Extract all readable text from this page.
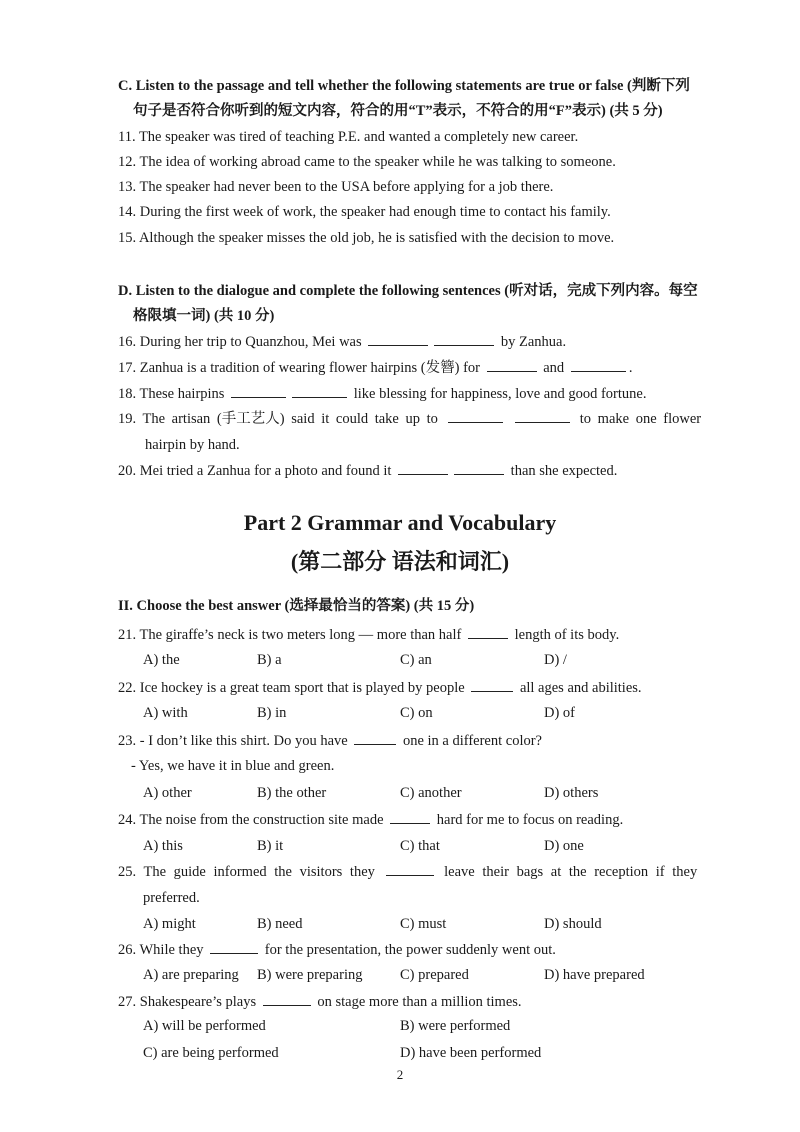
C. Listen to the passage and tell whether the following statements are true or false (判断下列
句子是否符合你听到的短文内容，符合的用“T”表示，不符合的用“F”表示) (共 5 分)
11. The speaker was tired of teaching P.E. and wanted a completely new career.
12. The idea of working abroad came to the speaker while he was talking to someone.
13. The speaker had never been to the USA before applying for a job there.
14. During the first week of work, the speaker had enough time to contact his family.
15. Although the speaker misses the old job, he is satisfied with the decision to move.
D. Listen to the dialogue and complete the following sentences (听对话，完成下列内容。每空
格限填一词) (共 10 分)
16. During her trip to Quanzhou, Mei was	by Zanhua.
17. Zanhua is a tradition of wearing flower hairpins (发簪) for	and	.
18. These hairpins	like blessing for happiness, love and good fortune.
19. The artisan (手工艺人) said it could take up to	to make one flower
hairpin by hand.
20. Mei tried a Zanhua for a photo and found it	than she expected.
Part 2 Grammar and Vocabulary
(第二部分 语法和词汇)
II. Choose the best answer (选择最恰当的答案) (共 15 分)
21. The giraffe’s neck is two meters long — more than half	length of its body.
A) the	B) a	C) an	D) /
22. Ice hockey is a great team sport that is played by people	all ages and abilities.
A) with	B) in	C) on	D) of
23. - I don’t like this shirt. Do you have	one in a different color?
- Yes, we have it in blue and green.
A) other	B) the other	C) another	D) others
24. The noise from the construction site made	hard for me to focus on reading.
A) this	B) it	C) that	D) one
25. The guide informed the visitors they	leave their bags at the reception if they
preferred.
A) might	B) need	C) must	D) should
26. While they	for the presentation, the power suddenly went out.
A) are preparing B) were preparing	C) prepared	D) have prepared
27. Shakespeare’s plays	on stage more than a million times.
A) will be performed	B) were performed
C) are being performed	D) have been performed
2
